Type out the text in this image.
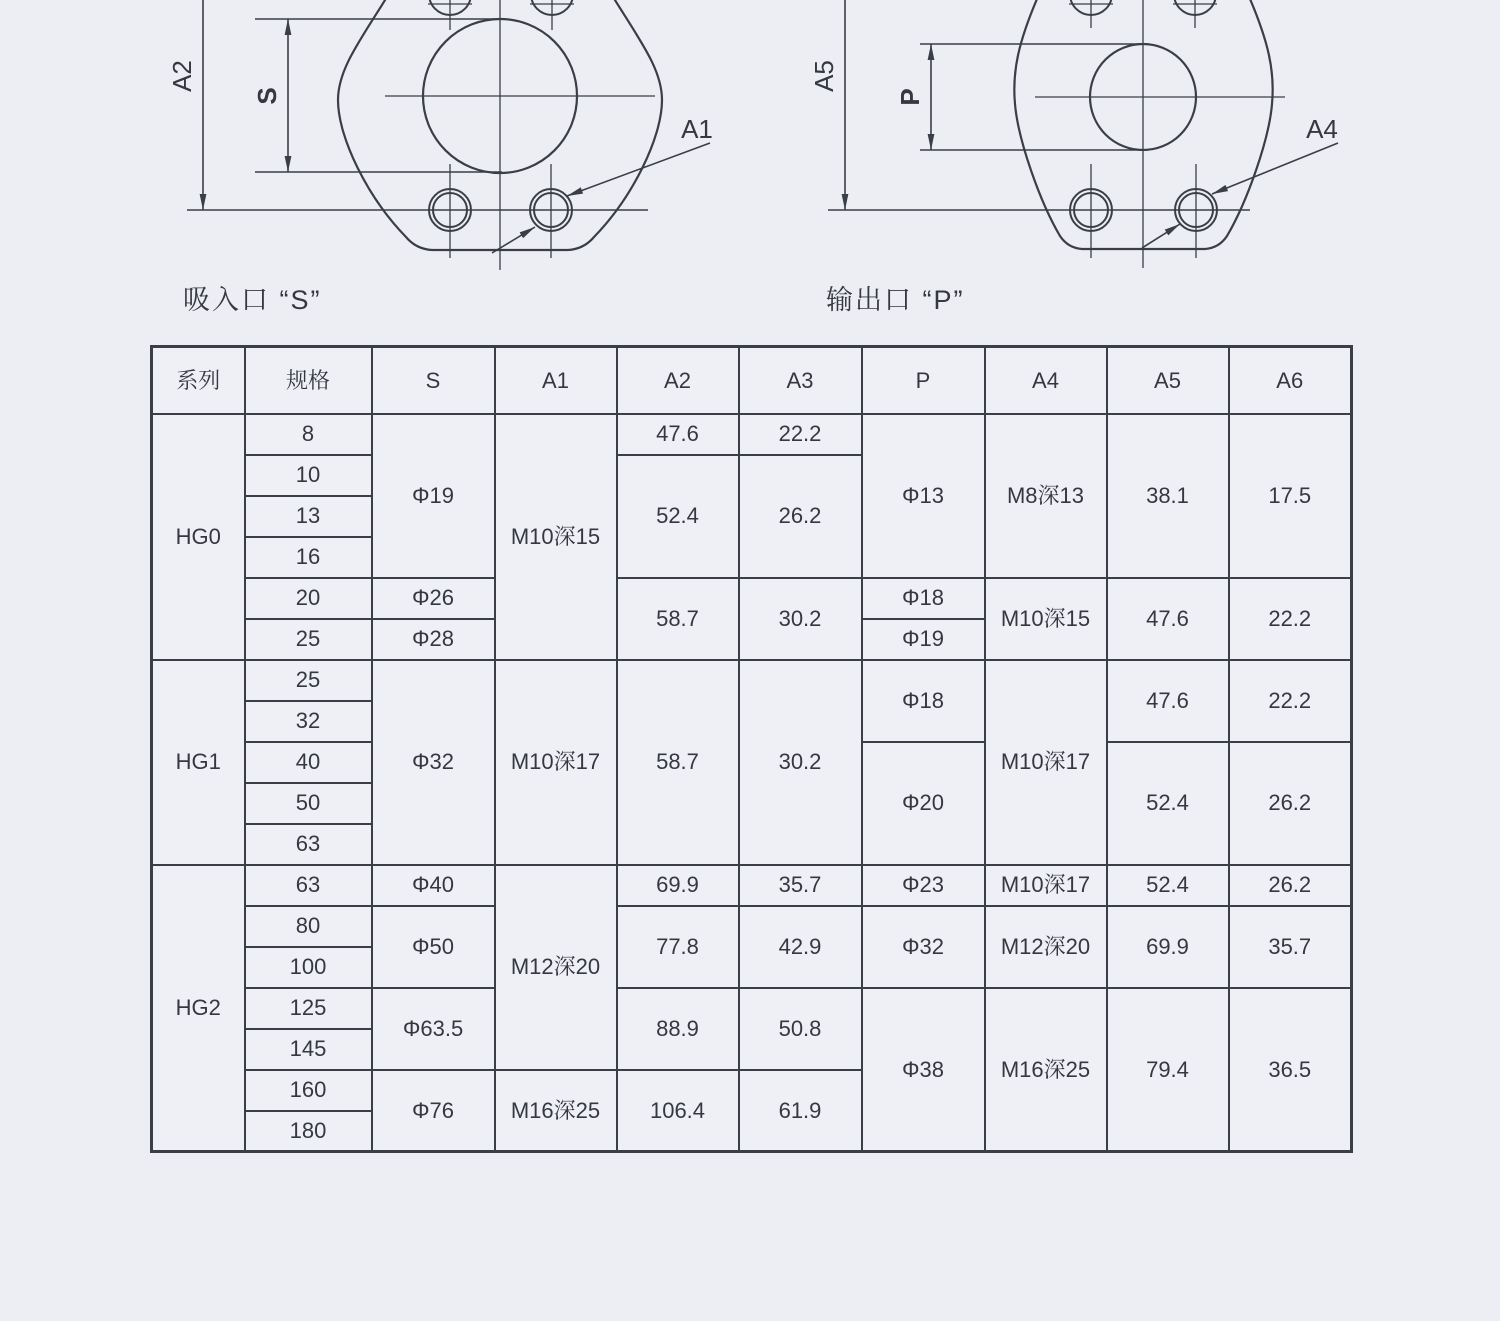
A2
S
A1
A5
P
A4
吸入口 “S”	输出口 “P”
系列	规格	S	A1	A2	A3	P	A4	A5	A6
HG0	8	Φ19	M10深15	47.6	22.2	Φ13	M8深13	38.1	17.5
	10			52.4	26.2				
	13								
	16								
	20	Φ26		58.7	30.2	Φ18	M10深15	47.6	22.2
	25	Φ28				Φ19			
HG1	25	Φ32	M10深17	58.7	30.2	Φ18	M10深17	47.6	22.2
	32								
	40					Φ20		52.4	26.2
	50								
	63								
HG2	63	Φ40	M12深20	69.9	35.7	Φ23	M10深17	52.4	26.2
	80	Φ50		77.8	42.9	Φ32	M12深20	69.9	35.7
	100								
	125	Φ63.5		88.9	50.8	Φ38	M16深25	79.4	36.5
	145								
	160	Φ76	M16深25	106.4	61.9				
	180								
